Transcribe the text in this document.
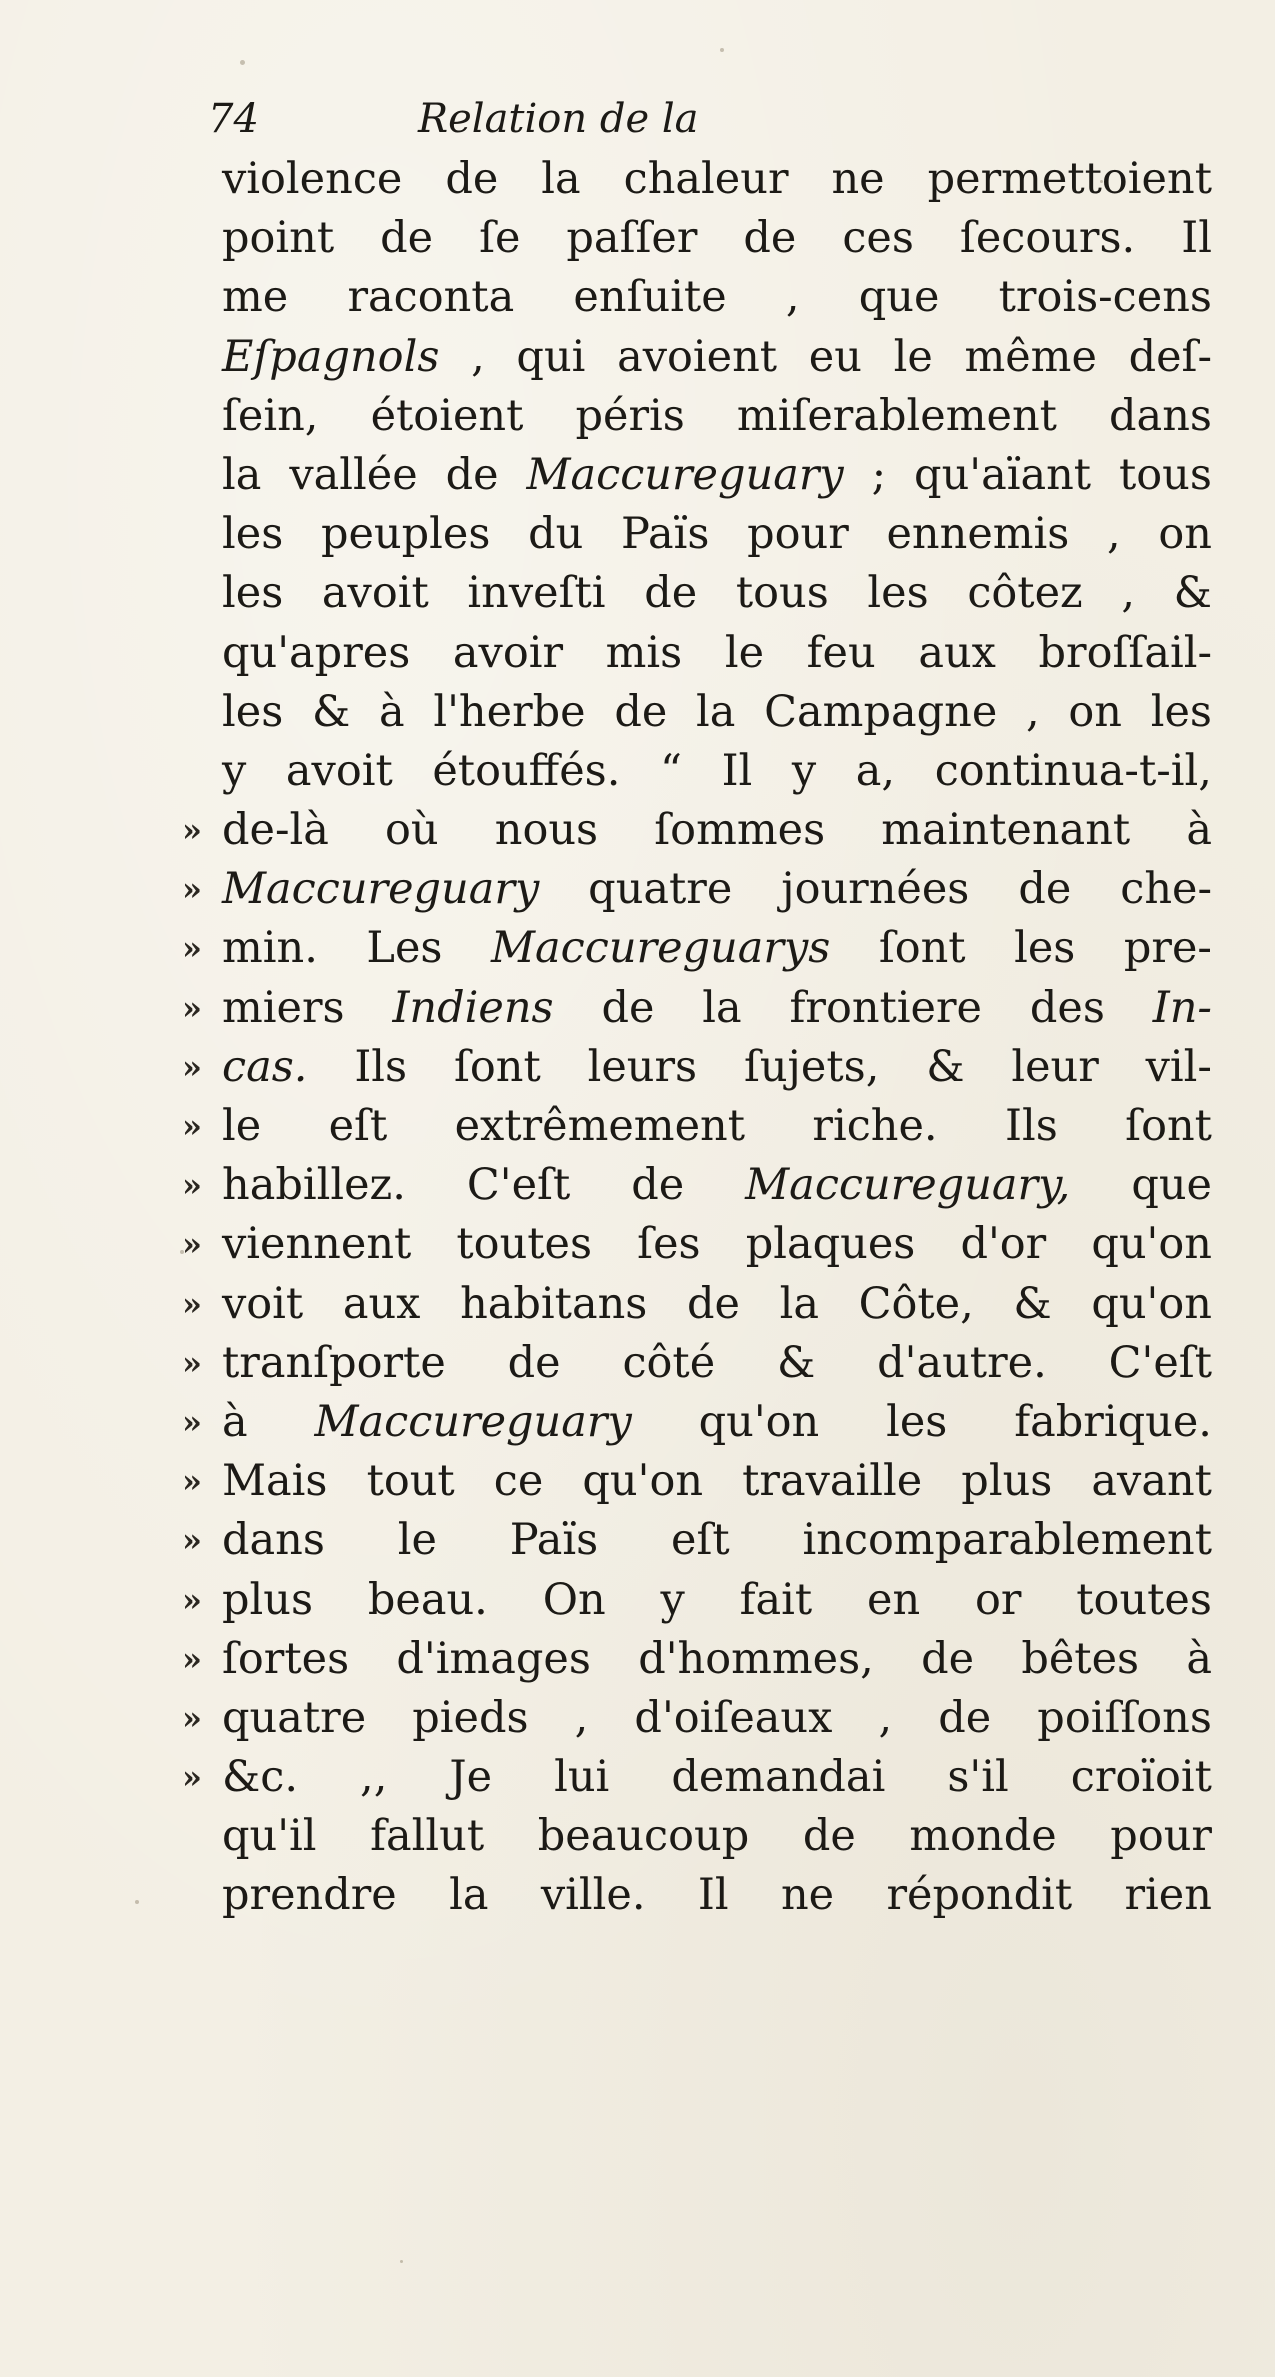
74	Relation de la
violence de la chaleur ne permettoient
point de ſe paſſer de ces ſecours. Il
me raconta enſuite , que trois-cens
Eſpagnols , qui avoient eu le même deſ-
ſein, étoient péris miſerablement dans
la vallée de Maccureguary ; qu'aïant tous
les peuples du Païs pour ennemis , on
les avoit inveſti de tous les côtez , &
qu'apres avoir mis le feu aux broſſail-
les & à l'herbe de la Campagne , on les
y avoit étouffés. “ Il y a, continua-t-il,
» de-là où nous ſommes maintenant à
» Maccureguary quatre journées de che-
» min. Les Maccureguarys ſont les pre-
» miers Indiens de la frontiere des In-
» cas. Ils ſont leurs ſujets, & leur vil-
» le eſt extrêmement riche. Ils ſont
» habillez. C'eſt de Maccureguary, que
» viennent toutes ſes plaques d'or qu'on
» voit aux habitans de la Côte, & qu'on
» tranſporte de côté & d'autre. C'eſt
» à Maccureguary qu'on les fabrique.
» Mais tout ce qu'on travaille plus avant
» dans le Païs eſt incomparablement
» plus beau. On y fait en or toutes
» ſortes d'images d'hommes, de bêtes à
» quatre pieds , d'oiſeaux , de poiſſons
» &c. ,, Je lui demandai s'il croïoit
qu'il fallut beaucoup de monde pour
prendre la ville. Il ne répondit rien
